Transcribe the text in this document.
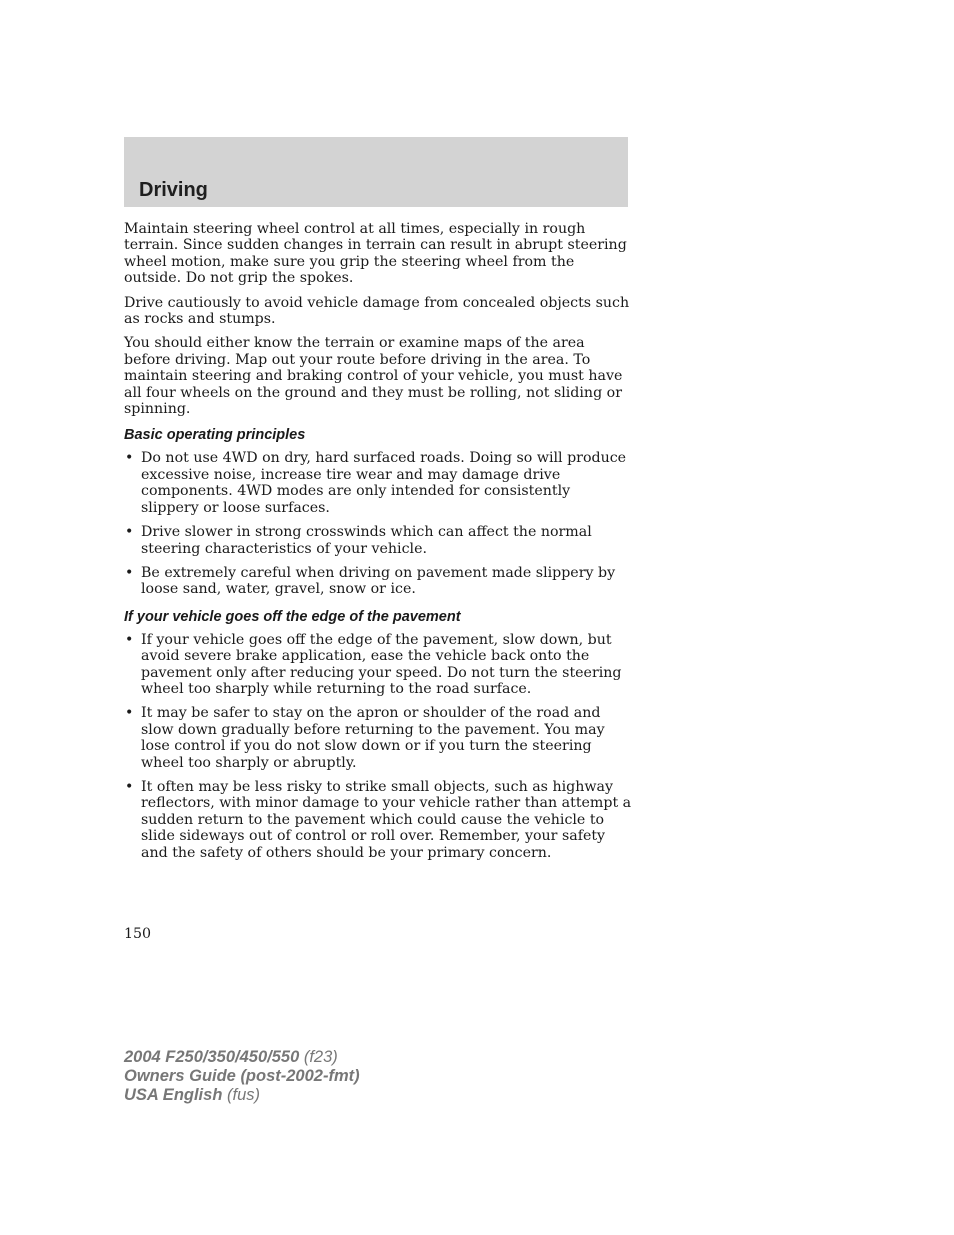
Driving

Maintain steering wheel control at all times, especially in rough terrain. Since sudden changes in terrain can result in abrupt steering wheel motion, make sure you grip the steering wheel from the outside. Do not grip the spokes.

Drive cautiously to avoid vehicle damage from concealed objects such as rocks and stumps.

You should either know the terrain or examine maps of the area before driving. Map out your route before driving in the area. To maintain steering and braking control of your vehicle, you must have all four wheels on the ground and they must be rolling, not sliding or spinning.

Basic operating principles
• Do not use 4WD on dry, hard surfaced roads. Doing so will produce excessive noise, increase tire wear and may damage drive components. 4WD modes are only intended for consistently slippery or loose surfaces.
• Drive slower in strong crosswinds which can affect the normal steering characteristics of your vehicle.
• Be extremely careful when driving on pavement made slippery by loose sand, water, gravel, snow or ice.
If your vehicle goes off the edge of the pavement
• If your vehicle goes off the edge of the pavement, slow down, but avoid severe brake application, ease the vehicle back onto the pavement only after reducing your speed. Do not turn the steering wheel too sharply while returning to the road surface.
• It may be safer to stay on the apron or shoulder of the road and slow down gradually before returning to the pavement. You may lose control if you do not slow down or if you turn the steering wheel too sharply or abruptly.
• It often may be less risky to strike small objects, such as highway reflectors, with minor damage to your vehicle rather than attempt a sudden return to the pavement which could cause the vehicle to slide sideways out of control or roll over. Remember, your safety and the safety of others should be your primary concern.
150
2004 F250/350/450/550 (f23)
Owners Guide (post-2002-fmt)
USA English (fus)
